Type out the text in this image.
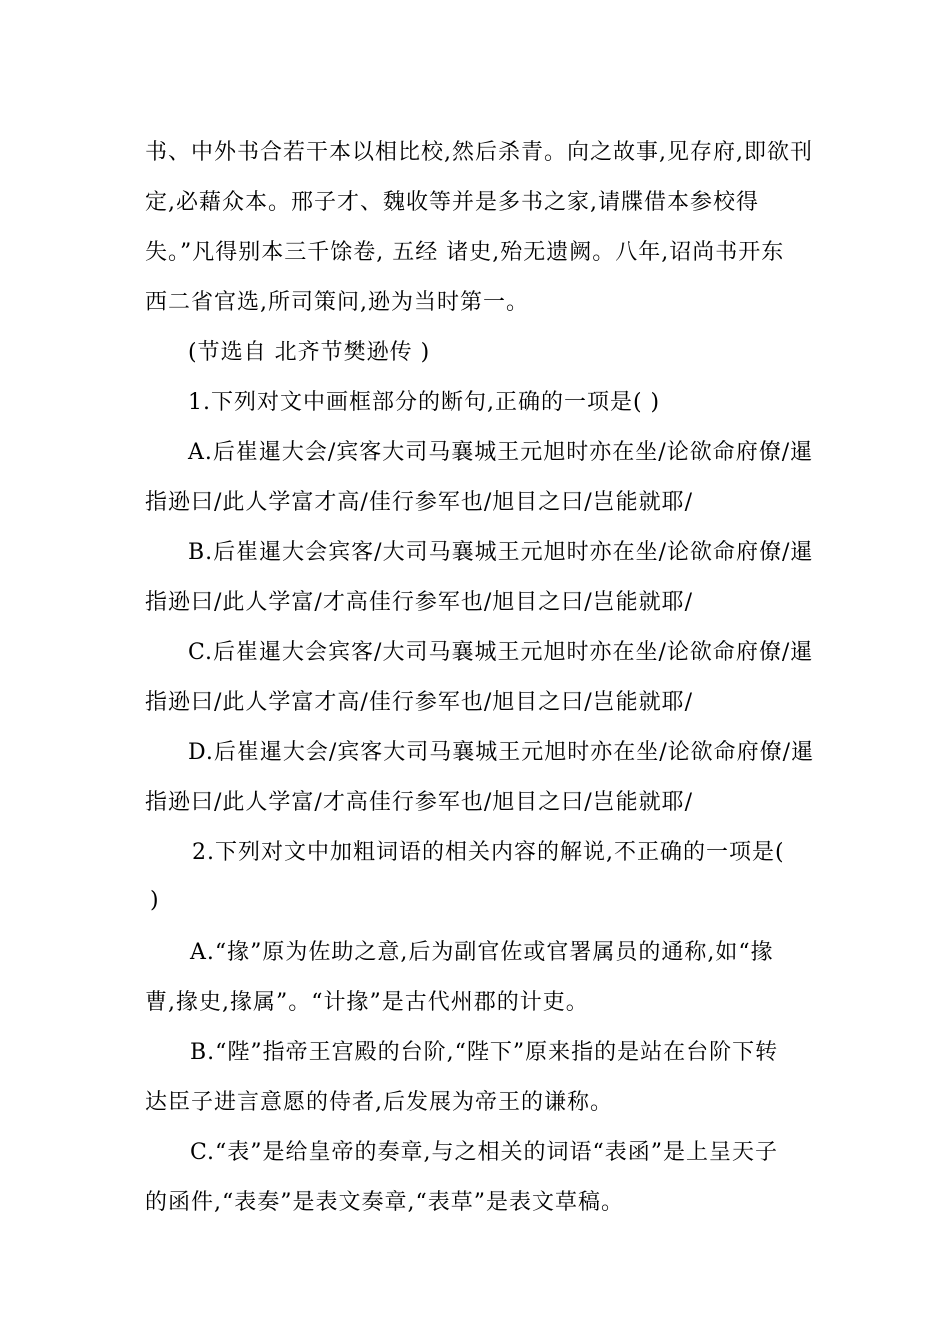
书、中外书合若干本以相比校,然后杀青。向之故事,见存府,即欲刊
定,必藉众本。邢子才、魏收等并是多书之家,请牒借本参校得
失。”凡得别本三千馀卷, 五经 诸史,殆无遗阙。八年,诏尚书开东
西二省官选,所司策问,逊为当时第一。
(节选自 北齐节樊逊传 )
1.下列对文中画框部分的断句,正确的一项是( )
A.后崔暹大会/宾客大司马襄城王元旭时亦在坐/论欲命府僚/暹
指逊曰/此人学富才高/佳行参军也/旭目之曰/岂能就耶/
B.后崔暹大会宾客/大司马襄城王元旭时亦在坐/论欲命府僚/暹
指逊曰/此人学富/才高佳行参军也/旭目之曰/岂能就耶/
C.后崔暹大会宾客/大司马襄城王元旭时亦在坐/论欲命府僚/暹
指逊曰/此人学富才高/佳行参军也/旭目之曰/岂能就耶/
D.后崔暹大会/宾客大司马襄城王元旭时亦在坐/论欲命府僚/暹
指逊曰/此人学富/才高佳行参军也/旭目之曰/岂能就耶/
2.下列对文中加粗词语的相关内容的解说,不正确的一项是(
)
A.“掾”原为佐助之意,后为副官佐或官署属员的通称,如“掾
曹,掾史,掾属”。“计掾”是古代州郡的计吏。
B.“陛”指帝王宫殿的台阶,“陛下”原来指的是站在台阶下转
达臣子进言意愿的侍者,后发展为帝王的谦称。
C.“表”是给皇帝的奏章,与之相关的词语“表函”是上呈天子
的函件,“表奏”是表文奏章,“表草”是表文草稿。
